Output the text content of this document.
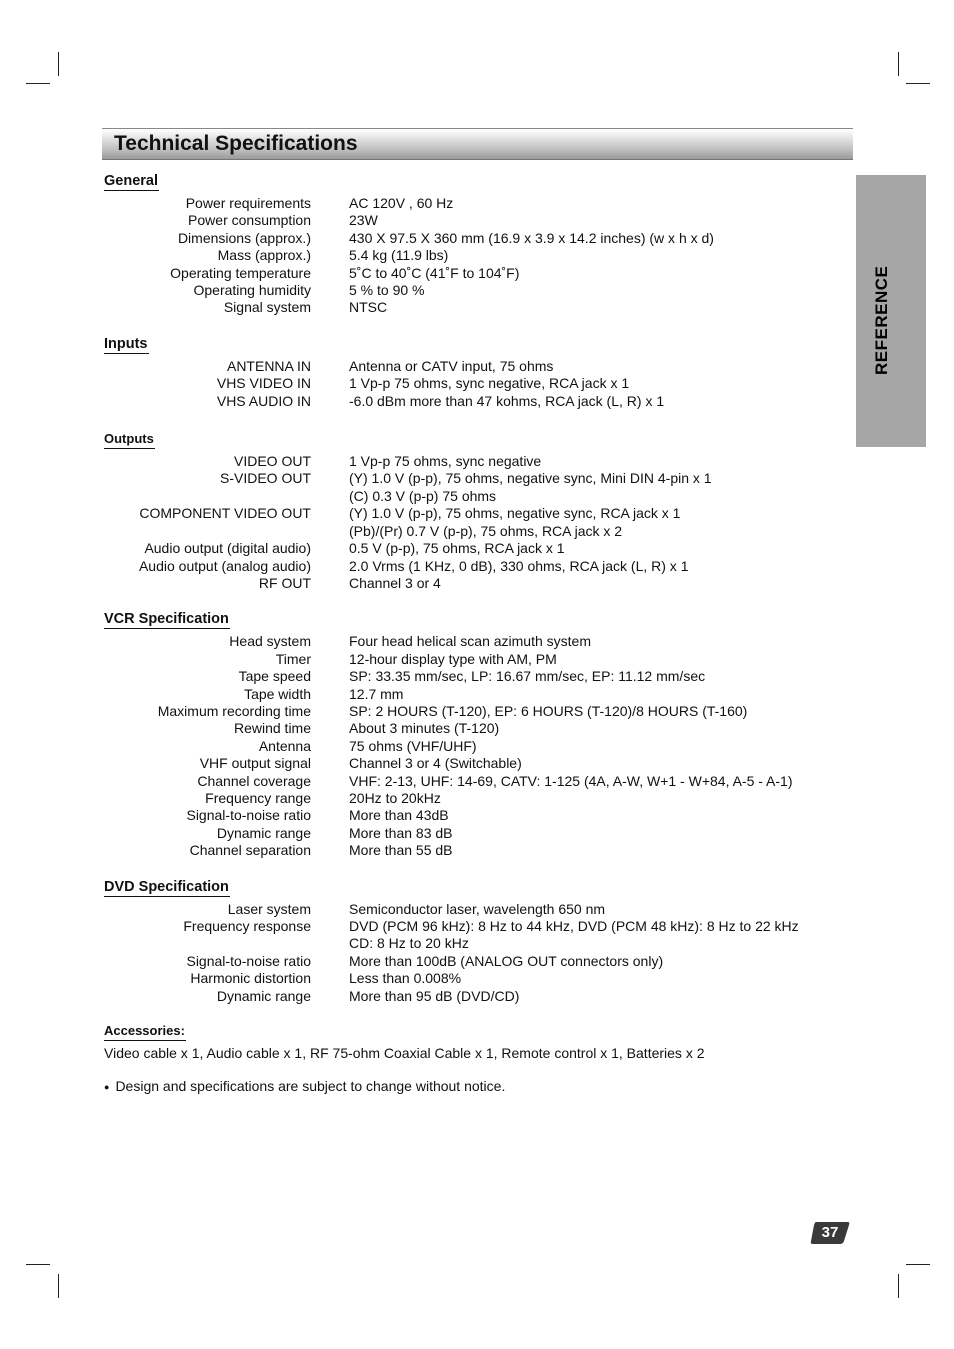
Technical Specifications
REFERENCE
General
Power requirements	AC 120V , 60 Hz
Power consumption	23W
Dimensions (approx.)	430 X 97.5 X 360 mm (16.9 x 3.9 x 14.2 inches) (w x h x d)
Mass (approx.)	5.4 kg (11.9 lbs)
Operating temperature	5˚C to 40˚C (41˚F to 104˚F)
Operating humidity	5 % to 90 %
Signal system	NTSC
Inputs
ANTENNA IN	Antenna or CATV input, 75 ohms
VHS VIDEO IN	1 Vp-p 75 ohms, sync negative, RCA jack x 1
VHS AUDIO IN	-6.0 dBm more than 47 kohms, RCA jack (L, R) x 1
Outputs
VIDEO OUT	1 Vp-p 75 ohms, sync negative
S-VIDEO OUT	(Y) 1.0 V (p-p), 75 ohms, negative sync, Mini DIN 4-pin x 1
(C) 0.3 V (p-p) 75 ohms
COMPONENT VIDEO OUT	(Y) 1.0 V (p-p), 75 ohms, negative sync, RCA jack x 1
(Pb)/(Pr) 0.7 V (p-p), 75 ohms, RCA jack x 2
Audio output (digital audio)	0.5 V (p-p), 75 ohms, RCA jack x 1
Audio output (analog audio)	2.0 Vrms (1 KHz, 0 dB), 330 ohms, RCA jack (L, R) x 1
RF OUT	Channel 3 or 4
VCR Specification
Head system	Four head helical scan azimuth system
Timer	12-hour display type with AM, PM
Tape speed	SP: 33.35 mm/sec, LP: 16.67 mm/sec, EP: 11.12 mm/sec
Tape width	12.7 mm
Maximum recording time	SP: 2 HOURS (T-120), EP: 6 HOURS (T-120)/8 HOURS (T-160)
Rewind time	About 3 minutes (T-120)
Antenna	75 ohms (VHF/UHF)
VHF output signal	Channel 3 or 4 (Switchable)
Channel coverage	VHF: 2-13, UHF: 14-69, CATV: 1-125 (4A, A-W, W+1 - W+84, A-5 - A-1)
Frequency range	20Hz to 20kHz
Signal-to-noise ratio	More than 43dB
Dynamic range	More than 83 dB
Channel separation	More than 55 dB
DVD Specification
Laser system	Semiconductor laser, wavelength 650 nm
Frequency response	DVD (PCM 96 kHz): 8 Hz to 44 kHz, DVD (PCM 48 kHz): 8 Hz to 22 kHz
CD: 8 Hz to 20 kHz
Signal-to-noise ratio	More than 100dB (ANALOG OUT connectors only)
Harmonic distortion	Less than 0.008%
Dynamic range	More than 95 dB (DVD/CD)
Accessories:

Video cable x 1, Audio cable x 1, RF 75-ohm Coaxial Cable x 1, Remote control x 1, Batteries x 2

● Design and specifications are subject to change without notice.
37
